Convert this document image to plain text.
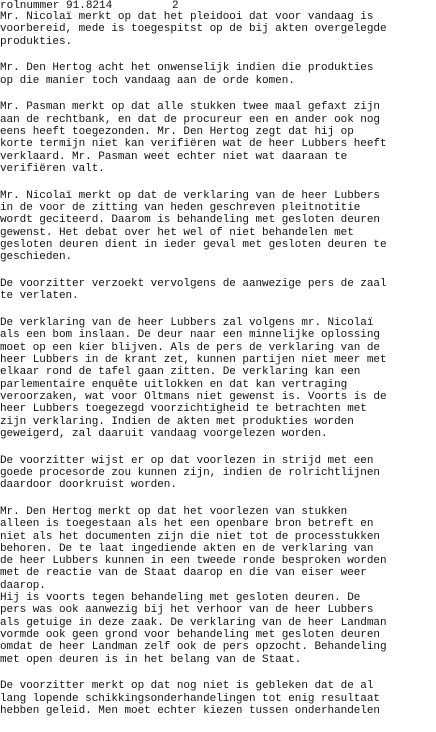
rolnummer 91.8214

	2

Mr. Nicolaï merkt op dat het pleidooi dat voor vandaag is
voorbereid, mede is toegespitst op de bij akten overgelegde
produkties.
Mr. Den Hertog acht het onwenselijk indien die produkties
op die manier toch vandaag aan de orde komen.
Mr. Pasman merkt op dat alle stukken twee maal gefaxt zijn
aan de rechtbank, en dat de procureur een en ander ook nog
eens heeft toegezonden. Mr. Den Hertog zegt dat hij op
korte termijn niet kan verifiëren wat de heer Lubbers heeft
verklaard. Mr. Pasman weet echter niet wat daaraan te
verifiëren valt.
Mr. Nicolaï merkt op dat de verklaring van de heer Lubbers
in de voor de zitting van heden geschreven pleitnotitie
wordt geciteerd. Daarom is behandeling met gesloten deuren
gewenst. Het debat over het wel of niet behandelen met
gesloten deuren dient in ieder geval met gesloten deuren te
geschieden.
De voorzitter verzoekt vervolgens de aanwezige pers de zaal
te verlaten.
De verklaring van de heer Lubbers zal volgens mr. Nicolaï
als een bom inslaan. De deur naar een minnelijke oplossing
moet op een kier blijven. Als de pers de verklaring van de
heer Lubbers in de krant zet, kunnen partijen niet meer met
elkaar rond de tafel gaan zitten. De verklaring kan een
parlementaire enquête uitlokken en dat kan vertraging
veroorzaken, wat voor Oltmans niet gewenst is. Voorts is de
heer Lubbers toegezegd voorzichtigheid te betrachten met
zijn verklaring. Indien de akten met produkties worden
geweigerd, zal daaruit vandaag voorgelezen worden.
De voorzitter wijst er op dat voorlezen in strijd met een
goede procesorde zou kunnen zijn, indien de rolrichtlijnen
daardoor doorkruist worden.
Mr. Den Hertog merkt op dat het voorlezen van stukken
alleen is toegestaan als het een openbare bron betreft en
niet als het documenten zijn die niet tot de processtukken
behoren. De te laat ingediende akten en de verklaring van
de heer Lubbers kunnen in een tweede ronde besproken worden
met de reactie van de Staat daarop en die van eiser weer
daarop.
Hij is voorts tegen behandeling met gesloten deuren. De
pers was ook aanwezig bij het verhoor van de heer Lubbers
als getuige in deze zaak. De verklaring van de heer Landman
vormde ook geen grond voor behandeling met gesloten deuren
omdat de heer Landman zelf ook de pers opzocht. Behandeling
met open deuren is in het belang van de Staat.
De voorzitter merkt op dat nog niet is gebleken dat de al
lang lopende schikkingsonderhandelingen tot enig resultaat
hebben geleid. Men moet echter kiezen tussen onderhandelen
